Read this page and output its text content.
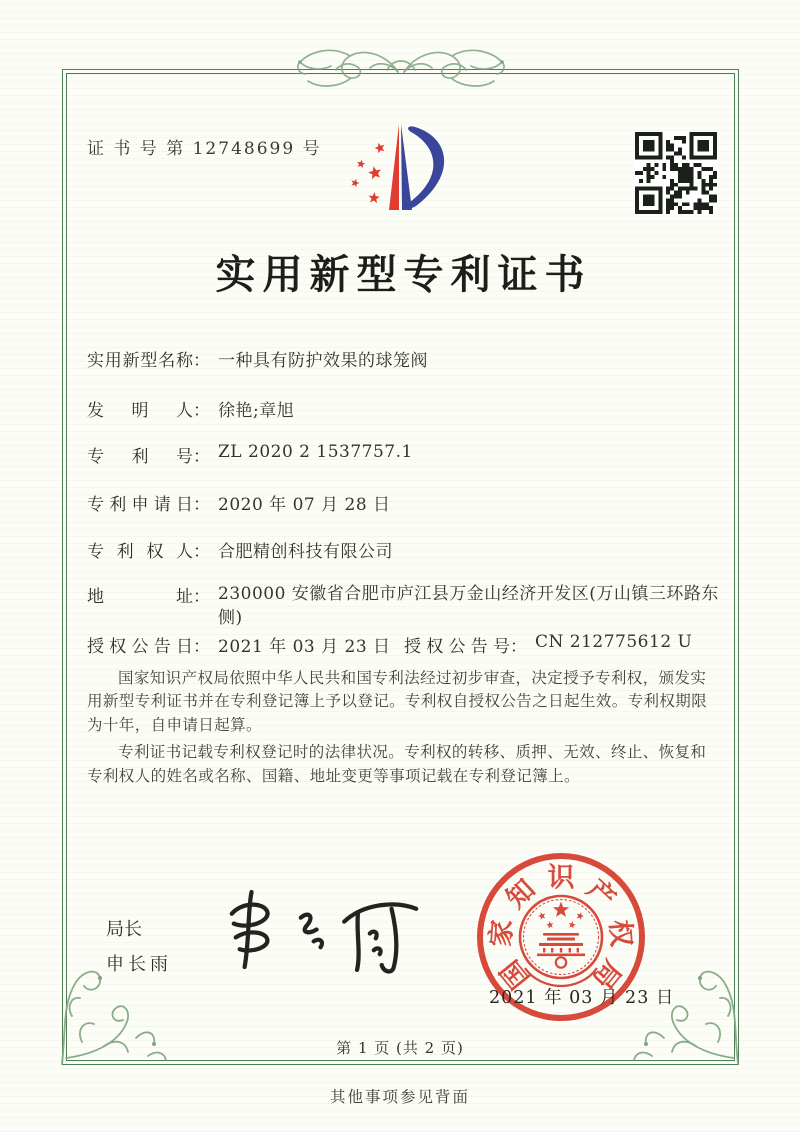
证 书 号 第 12748699 号
实用新型专利证书
实用新型名称： 一种具有防护效果的球笼阀
发明人： 徐艳;章旭
专利号： ZL 2020 2 1537757.1
专利申请日： 2020 年 07 月 28 日
专利权人： 合肥精创科技有限公司
地址： 230000 安徽省合肥市庐江县万金山经济开发区(万山镇三环路东侧)
授权公告日： 2021 年 03 月 23 日 授权公告号： CN 212775612 U

国家知识产权局依照中华人民共和国专利法经过初步审查，决定授予专利权，颁发实用新型专利证书并在专利登记簿上予以登记。专利权自授权公告之日起生效。专利权期限为十年，自申请日起算。

专利证书记载专利权登记时的法律状况。专利权的转移、质押、无效、终止、恢复和专利权人的姓名或名称、国籍、地址变更等事项记载在专利登记簿上。

局长
申长雨	国
家
知 识 产
权
局
2021 年 03 月 23 日
第 1 页 (共 2 页)
其他事项参见背面
